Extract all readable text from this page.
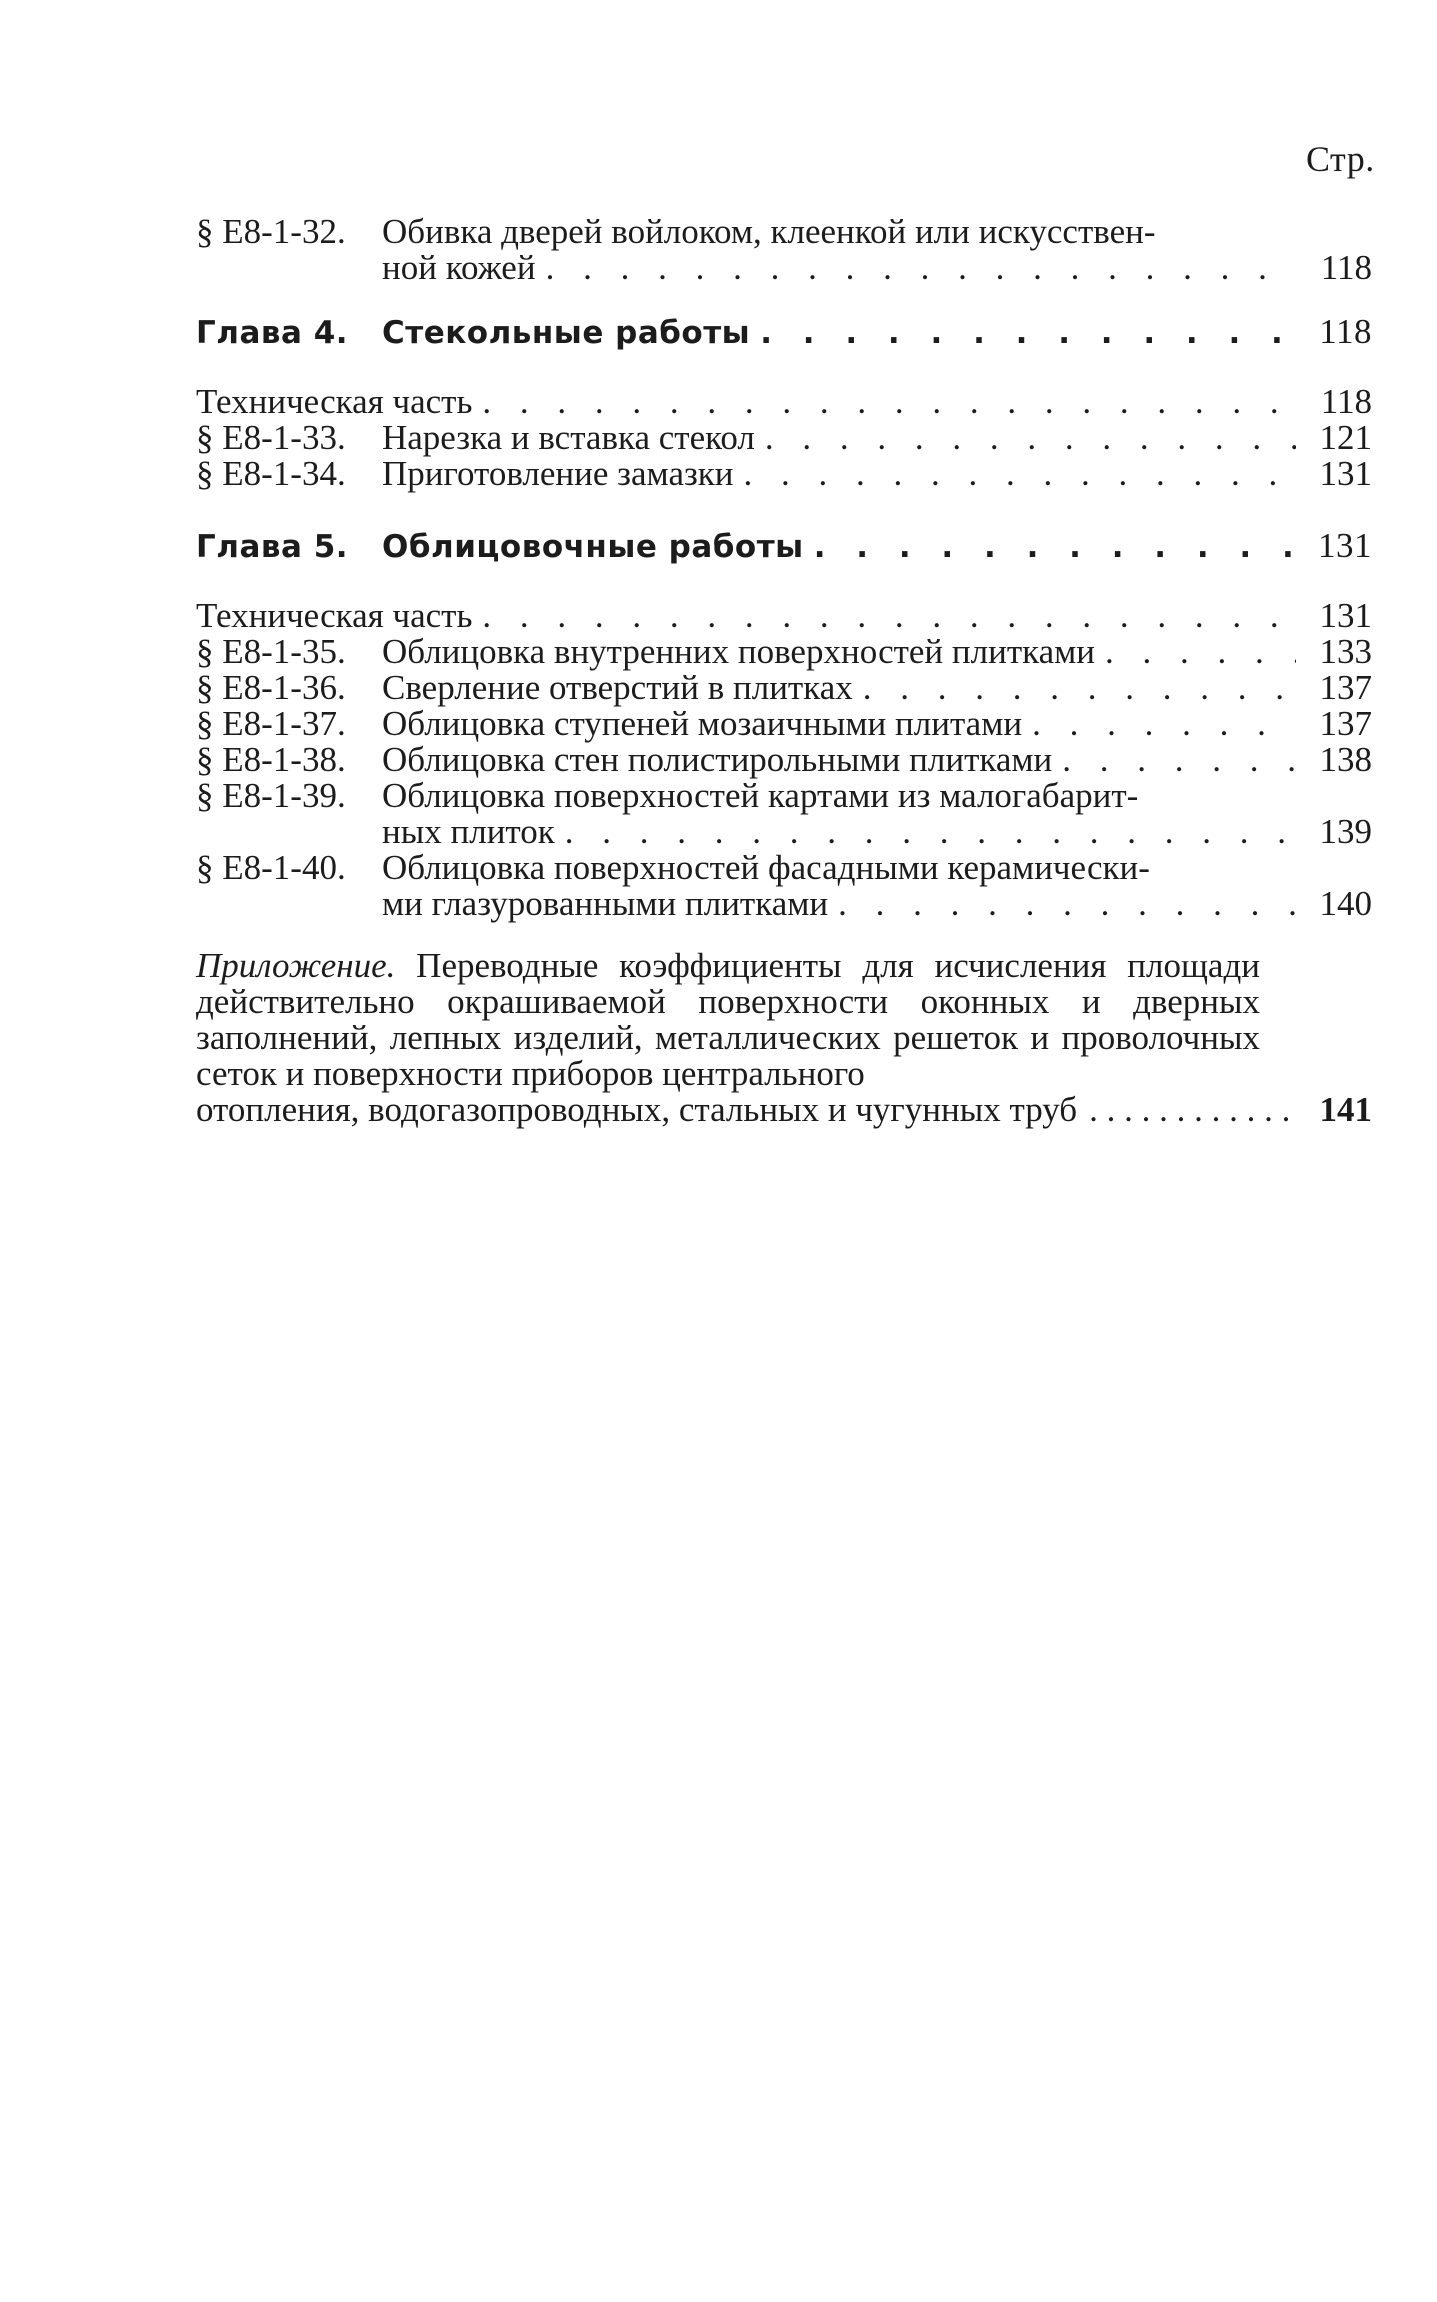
Стр.
§ Е8-1-32.	Обивка дверей войлоком, клеенкой или искусствен-
ной кожей . . .	118
Глава 4.	Стекольные работы . . .	118
Техническая часть . . .	118
§ Е8-1-33.	Нарезка и вставка стекол . . .	121
§ Е8-1-34.	Приготовление замазки . . .	131
Глава 5.	Облицовочные работы . . .	131
Техническая часть . . .	131
§ Е8-1-35.	Облицовка внутренних поверхностей плитками . . .	133
§ Е8-1-36.	Сверление отверстий в плитках . . .	137
§ Е8-1-37.	Облицовка ступеней мозаичными плитами . . .	137
§ Е8-1-38.	Облицовка стен полистирольными плитками . . .	138
§ Е8-1-39.	Облицовка поверхностей картами из малогабарит-
ных плиток . . .	139
§ Е8-1-40.	Облицовка поверхностей фасадными керамически-
ми глазурованными плитками . . .	140
Приложение. Переводные коэффициенты для исчисления площади действительно окрашиваемой поверхности оконных и дверных заполнений, лепных изделий, металлических решеток и проволочных сеток и поверхности приборов центрального
отопления, водогазопроводных, стальных и чугунных труб . . .	141
